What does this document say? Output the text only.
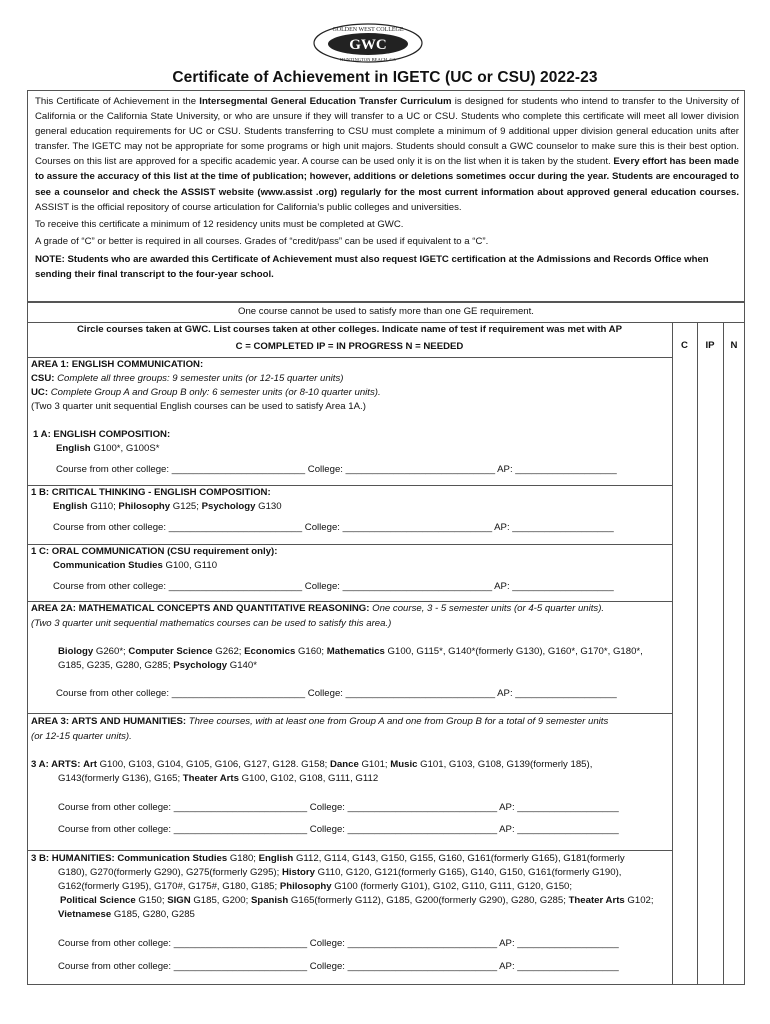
GOLDEN WEST COLLEGE
GWC
HUNTINGTON BEACH, CA
Certificate of Achievement in IGETC (UC or CSU) 2022-23

This Certificate of Achievement in the Intersegmental General Education Transfer Curriculum is designed for students who intend to transfer to the University of California or the California State University, or who are unsure if they will transfer to a UC or CSU. Students who complete this certificate will meet all lower division general education requirements for UC or CSU. Students transferring to CSU must complete a minimum of 9 additional upper division general education units after transfer. The IGETC may not be appropriate for some programs or high unit majors. Students should consult a GWC counselor to make sure this is their best option. Courses on this list are approved for a specific academic year. A course can be used only it is on the list when it is taken by the student. Every effort has been made to assure the accuracy of this list at the time of publication; however, additions or deletions sometimes occur during the year. Students are encouraged to see a counselor and check the ASSIST website (www.assist .org) regularly for the most current information about approved general education courses. ASSIST is the official repository of course articulation for California’s public colleges and universities.

To receive this certificate a minimum of 12 residency units must be completed at GWC.

A grade of “C” or better is required in all courses. Grades of “credit/pass” can be used if equivalent to a “C”.

NOTE: Students who are awarded this Certificate of Achievement must also request IGETC certification at the Admissions and Records Office when sending their final transcript to the four-year school.

One course cannot be used to satisfy more than one GE requirement.
Circle courses taken at GWC. List courses taken at other colleges. Indicate name of test if requirement was met with AP
C = COMPLETED IP = IN PROGRESS N = NEEDED	C	IP	N
AREA 1: ENGLISH COMMUNICATION:
CSU: Complete all three groups: 9 semester units (or 12-15 quarter units)
UC: Complete Group A and Group B only: 6 semester units (or 8-10 quarter units).
(Two 3 quarter unit sequential English courses can be used to satisfy Area 1A.)
1 A: ENGLISH COMPOSITION:
English G100*, G100S*
Course from other college: _________________________ College: ____________________________ AP: ___________________
1 B: CRITICAL THINKING - ENGLISH COMPOSITION:
English G110; Philosophy G125; Psychology G130
Course from other college: _________________________ College: ____________________________ AP: ___________________
1 C: ORAL COMMUNICATION (CSU requirement only):
Communication Studies G100, G110
Course from other college: _________________________ College: ____________________________ AP: ___________________
AREA 2A: MATHEMATICAL CONCEPTS AND QUANTITATIVE REASONING: One course, 3 - 5 semester units (or 4-5 quarter units).
(Two 3 quarter unit sequential mathematics courses can be used to satisfy this area.)
Biology G260*; Computer Science G262; Economics G160; Mathematics G100, G115*, G140*(formerly G130), G160*, G170*, G180*,
G185, G235, G280, G285; Psychology G140*
Course from other college: _________________________ College: ____________________________ AP: ___________________
AREA 3: ARTS AND HUMANITIES: Three courses, with at least one from Group A and one from Group B for a total of 9 semester units
(or 12-15 quarter units).
3 A: ARTS: Art G100, G103, G104, G105, G106, G127, G128. G158; Dance G101; Music G101, G103, G108, G139(formerly 185),
G143(formerly G136), G165; Theater Arts G100, G102, G108, G111, G112
Course from other college: _________________________ College: ____________________________ AP: ___________________
Course from other college: _________________________ College: ____________________________ AP: ___________________
3 B: HUMANITIES: Communication Studies G180; English G112, G114, G143, G150, G155, G160, G161(formerly G165), G181(formerly
G180), G270(formerly G290), G275(formerly G295); History G110, G120, G121(formerly G165), G140, G150, G161(formerly G190),
G162(formerly G195), G170#, G175#, G180, G185; Philosophy G100 (formerly G101), G102, G110, G111, G120, G150;
Political Science G150; SIGN G185, G200; Spanish G165(formerly G112), G185, G200(formerly G290), G280, G285; Theater Arts G102;
Vietnamese G185, G280, G285
Course from other college: _________________________ College: ____________________________ AP: ___________________
Course from other college: _________________________ College: ____________________________ AP: ___________________
